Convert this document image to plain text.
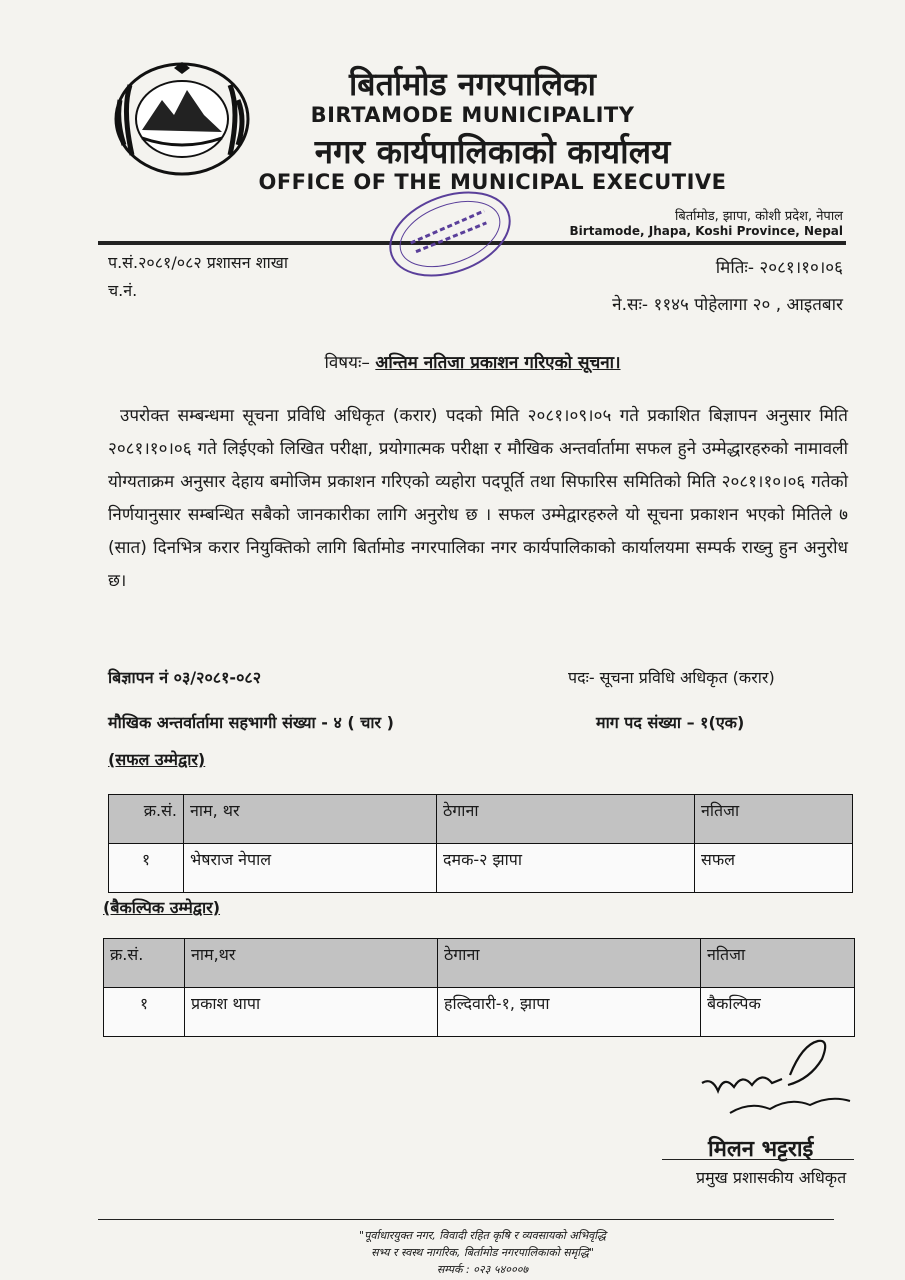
बिर्तामोड नगरपालिका
BIRTAMODE MUNICIPALITY
नगर कार्यपालिकाको कार्यालय
OFFICE OF THE MUNICIPAL EXECUTIVE
बिर्तामोड, झापा, कोशी प्रदेश, नेपाल
Birtamode, Jhapa, Koshi Province, Nepal
प.सं.२०८१/०८२ प्रशासन शाखा
च.नं.
मितिः- २०८१।१०।०६
ने.सः- ११४५ पोहेलागा २० , आइतबार
विषयः– अन्तिम नतिजा प्रकाशन गरिएको सूचना।
उपरोक्त सम्बन्धमा सूचना प्रविधि अधिकृत (करार) पदको मिति २०८१।०९।०५ गते प्रकाशित बिज्ञापन अनुसार मिति २०८१।१०।०६ गते लिईएको लिखित परीक्षा, प्रयोगात्मक परीक्षा र मौखिक अन्तर्वार्तामा सफल हुने उम्मेद्धारहरुको नामावली योग्यताक्रम अनुसार देहाय बमोजिम प्रकाशन गरिएको व्यहोरा पदपूर्ति तथा सिफारिस समितिको मिति २०८१।१०।०६ गतेको निर्णयानुसार सम्बन्धित सबैको जानकारीका लागि अनुरोध छ । सफल उम्मेद्वारहरुले यो सूचना प्रकाशन भएको मितिले ७ (सात) दिनभित्र करार नियुक्तिको लागि बिर्तामोड नगरपालिका नगर कार्यपालिकाको कार्यालयमा सम्पर्क राख्नु हुन अनुरोध छ।
बिज्ञापन नं ०३/२०८१-०८२	पदः- सूचना प्रविधि अधिकृत (करार)
मौखिक अन्तर्वार्तामा सहभागी संख्या - ४ ( चार )	माग पद संख्या – १(एक)
(सफल उम्मेद्वार)
क्र.सं.	नाम, थर	ठेगाना	नतिजा
१	भेषराज नेपाल	दमक-२ झापा	सफल
(बैकल्पिक उम्मेद्वार)
क्र.सं.	नाम,थर	ठेगाना	नतिजा
१	प्रकाश थापा	हल्दिवारी-१, झापा	बैकल्पिक
मिलन भट्टराई
प्रमुख प्रशासकीय अधिकृत
"पूर्वाधारयुक्त नगर, विवादी रहित कृषि र व्यवसायको अभिवृद्धि
सभ्य र स्वस्थ नागरिक, बिर्तामोड नगरपालिकाको समृद्धि"
सम्पर्क : ०२३ ५४०००७
